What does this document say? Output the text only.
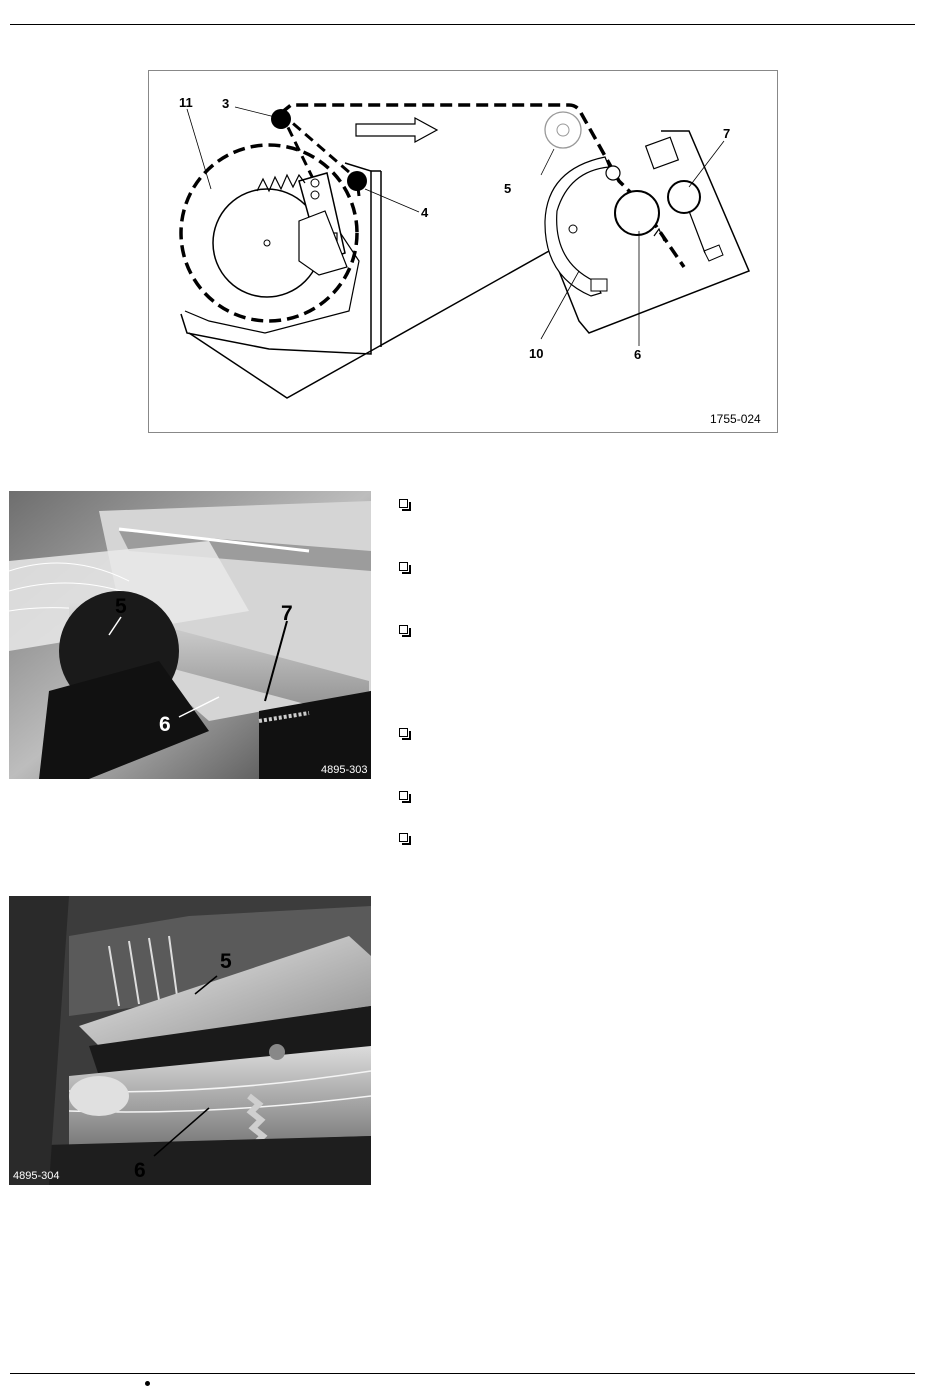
11 3
4
5
7
10	6
1755-024
5	7
6
4895-303
5
6
4895-304
